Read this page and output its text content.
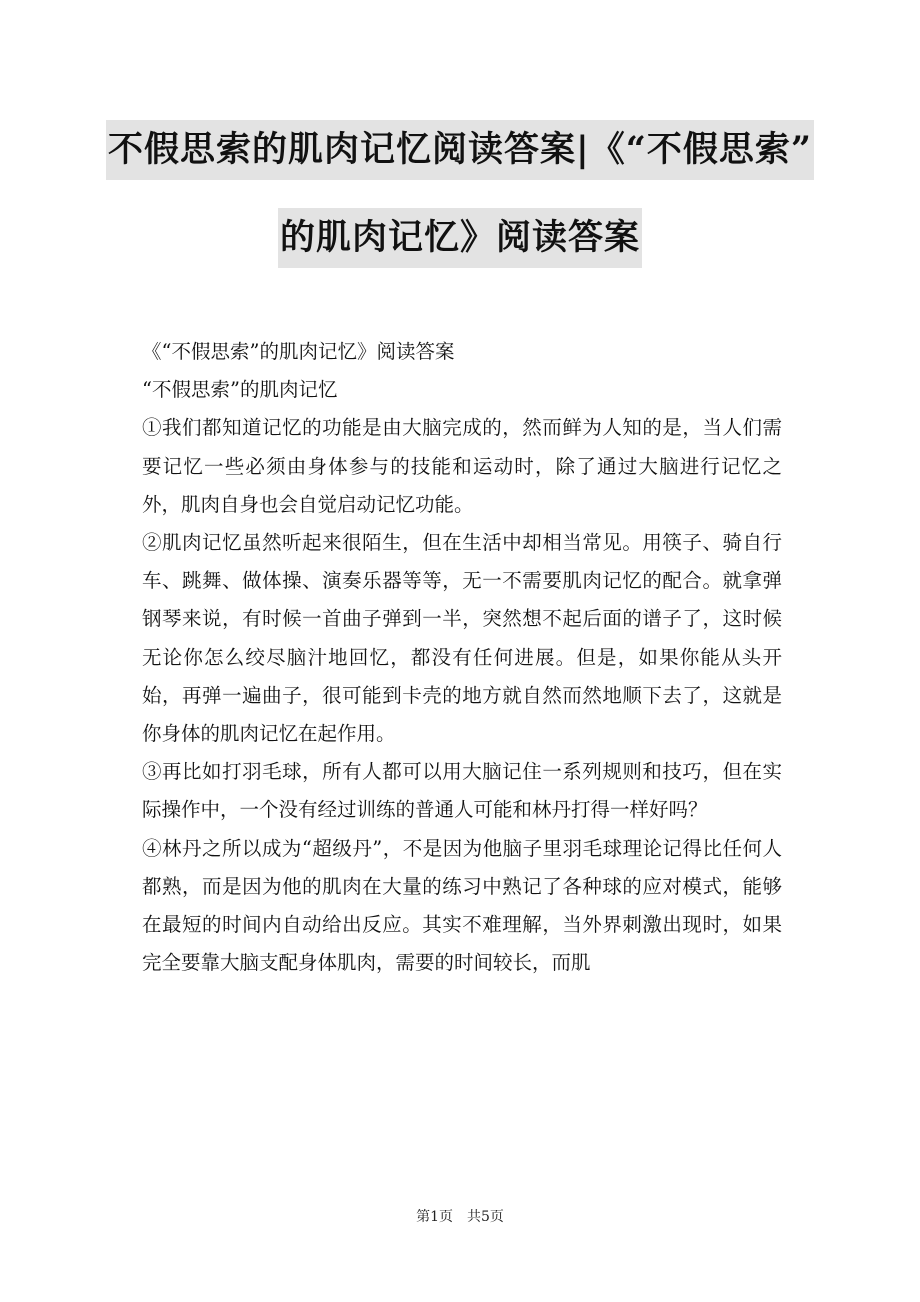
不假思索的肌肉记忆阅读答案|《“不假思索”
的肌肉记忆》阅读答案

《“不假思索”的肌肉记忆》阅读答案

“不假思索”的肌肉记忆

①我们都知道记忆的功能是由大脑完成的，然而鲜为人知的是，当人们需要记忆一些必须由身体参与的技能和运动时，除了通过大脑进行记忆之外，肌肉自身也会自觉启动记忆功能。

②肌肉记忆虽然听起来很陌生，但在生活中却相当常见。用筷子、骑自行车、跳舞、做体操、演奏乐器等等，无一不需要肌肉记忆的配合。就拿弹钢琴来说，有时候一首曲子弹到一半，突然想不起后面的谱子了，这时候无论你怎么绞尽脑汁地回忆，都没有任何进展。但是，如果你能从头开始，再弹一遍曲子，很可能到卡壳的地方就自然而然地顺下去了，这就是你身体的肌肉记忆在起作用。

③再比如打羽毛球，所有人都可以用大脑记住一系列规则和技巧，但在实际操作中，一个没有经过训练的普通人可能和林丹打得一样好吗？

④林丹之所以成为“超级丹”，不是因为他脑子里羽毛球理论记得比任何人都熟，而是因为他的肌肉在大量的练习中熟记了各种球的应对模式，能够在最短的时间内自动给出反应。其实不难理解，当外界刺激出现时，如果完全要靠大脑支配身体肌肉，需要的时间较长，而肌

第1页　共5页
